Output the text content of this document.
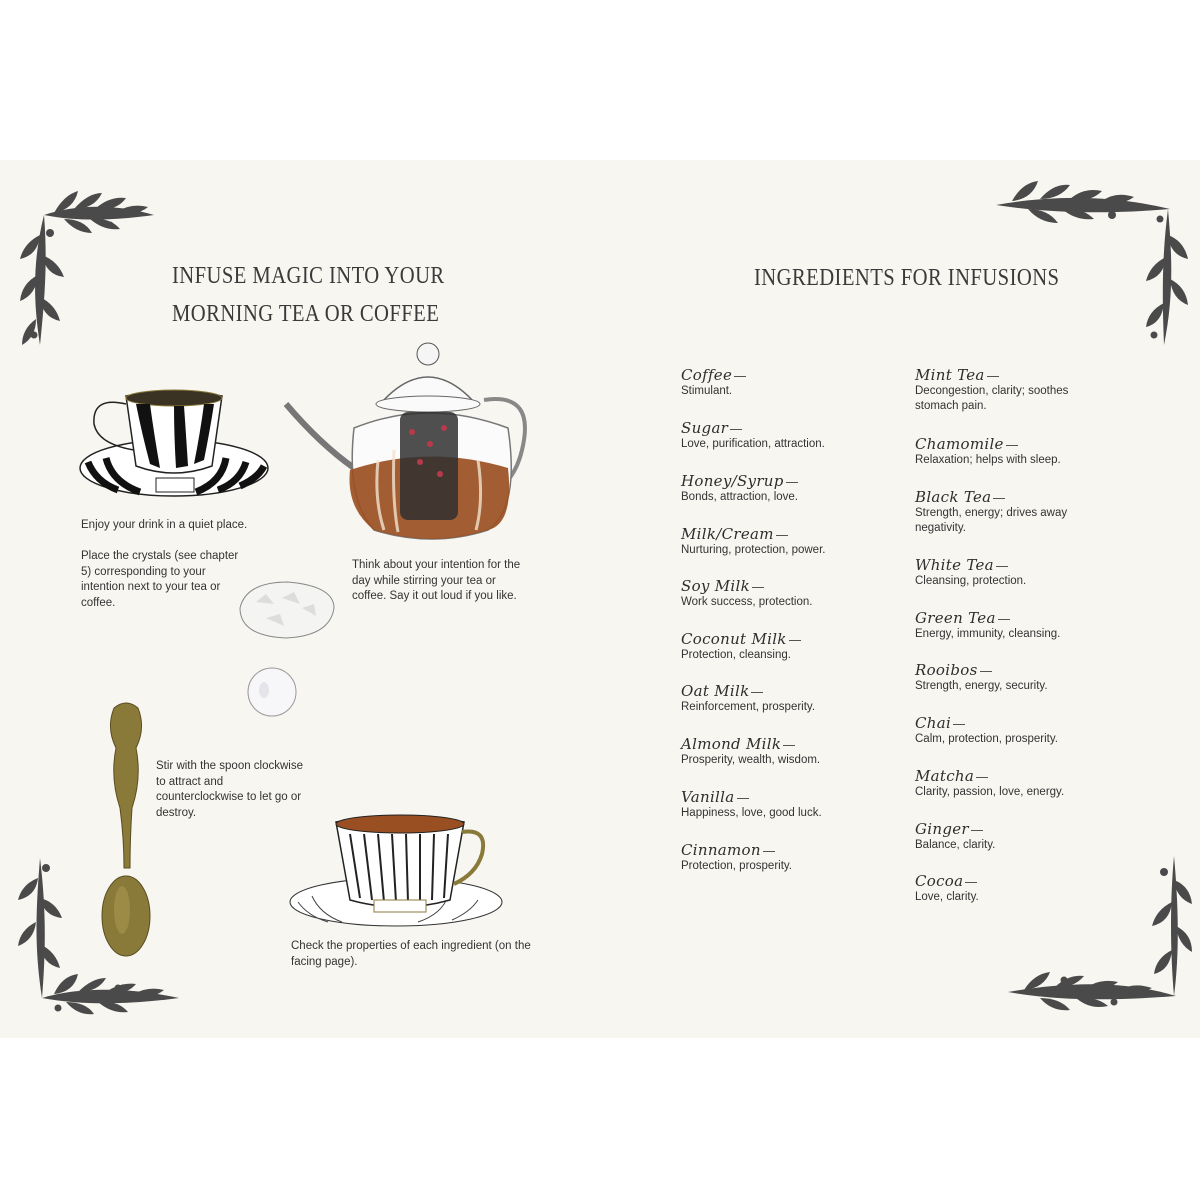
INFUSE MAGIC INTO YOUR
MORNING TEA OR COFFEE

Enjoy your drink in a quiet place.

Place the crystals (see chapter 5) corresponding to your intention next to your tea or coffee.

Think about your intention for the day while stirring your tea or coffee. Say it out loud if you like.

Stir with the spoon clockwise to attract and counterclockwise to let go or destroy.

Check the properties of each ingredient (on the facing page).

INGREDIENTS FOR INFUSIONS
Coffee
Stimulant.
Sugar
Love, purification, attraction.
Honey/Syrup
Bonds, attraction, love.
Milk/Cream
Nurturing, protection, power.
Soy Milk
Work success, protection.
Coconut Milk
Protection, cleansing.
Oat Milk
Reinforcement, prosperity.
Almond Milk
Prosperity, wealth, wisdom.
Vanilla
Happiness, love, good luck.
Cinnamon
Protection, prosperity.
Mint Tea
Decongestion, clarity; soothes stomach pain.
Chamomile
Relaxation; helps with sleep.
Black Tea
Strength, energy; drives away negativity.
White Tea
Cleansing, protection.
Green Tea
Energy, immunity, cleansing.
Rooibos
Strength, energy, security.
Chai
Calm, protection, prosperity.
Matcha
Clarity, passion, love, energy.
Ginger
Balance, clarity.
Cocoa
Love, clarity.
